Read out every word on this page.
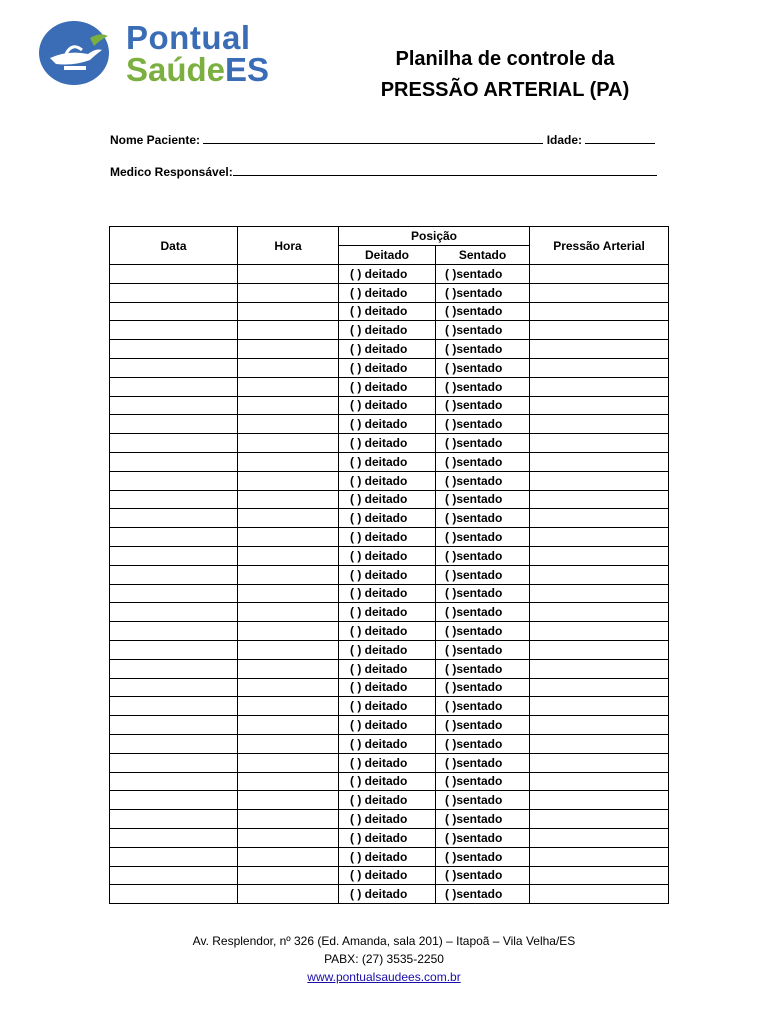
Pontual
SaúdeES	Planilha de controle da
PRESSÃO ARTERIAL (PA)
Nome Paciente:	Idade:
Medico Responsável:
Data	Hora	Posição		Pressão Arterial
		Deitado	Sentado	
		( ) deitado	( )sentado	
		( ) deitado	( )sentado	
		( ) deitado	( )sentado	
		( ) deitado	( )sentado	
		( ) deitado	( )sentado	
		( ) deitado	( )sentado	
		( ) deitado	( )sentado	
		( ) deitado	( )sentado	
		( ) deitado	( )sentado	
		( ) deitado	( )sentado	
		( ) deitado	( )sentado	
		( ) deitado	( )sentado	
		( ) deitado	( )sentado	
		( ) deitado	( )sentado	
		( ) deitado	( )sentado	
		( ) deitado	( )sentado	
		( ) deitado	( )sentado	
		( ) deitado	( )sentado	
		( ) deitado	( )sentado	
		( ) deitado	( )sentado	
		( ) deitado	( )sentado	
		( ) deitado	( )sentado	
		( ) deitado	( )sentado	
		( ) deitado	( )sentado	
		( ) deitado	( )sentado	
		( ) deitado	( )sentado	
		( ) deitado	( )sentado	
		( ) deitado	( )sentado	
		( ) deitado	( )sentado	
		( ) deitado	( )sentado	
		( ) deitado	( )sentado	
		( ) deitado	( )sentado	
		( ) deitado	( )sentado	
		( ) deitado	( )sentado	
Av. Resplendor, nº 326 (Ed. Amanda, sala 201) – Itapoã – Vila Velha/ES
PABX: (27) 3535-2250
www.pontualsaudees.com.br
